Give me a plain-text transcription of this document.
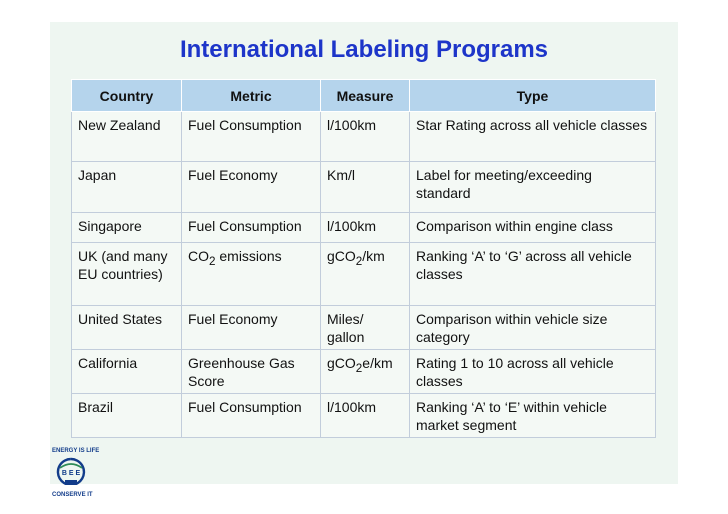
International Labeling Programs
Country	Metric	Measure	Type
New Zealand	Fuel Consumption	l/100km	Star Rating across all vehicle classes
Japan	Fuel Economy	Km/l	Label for meeting/exceeding standard
Singapore	Fuel Consumption	l/100km	Comparison within engine class
UK (and many EU countries)	$CO_2$ emissions	gCO$_2$/km	Ranking ‘A’ to ‘G’ across all vehicle classes
United States	Fuel Economy	Miles/ gallon	Comparison within vehicle size category
California	Greenhouse Gas Score	gCO$_2$e/km	Rating 1 to 10 across all vehicle classes
Brazil	Fuel Consumption	l/100km	Ranking ‘A’ to ‘E’ within vehicle market segment
ENERGY IS LIFE
B E E
CONSERVE IT
